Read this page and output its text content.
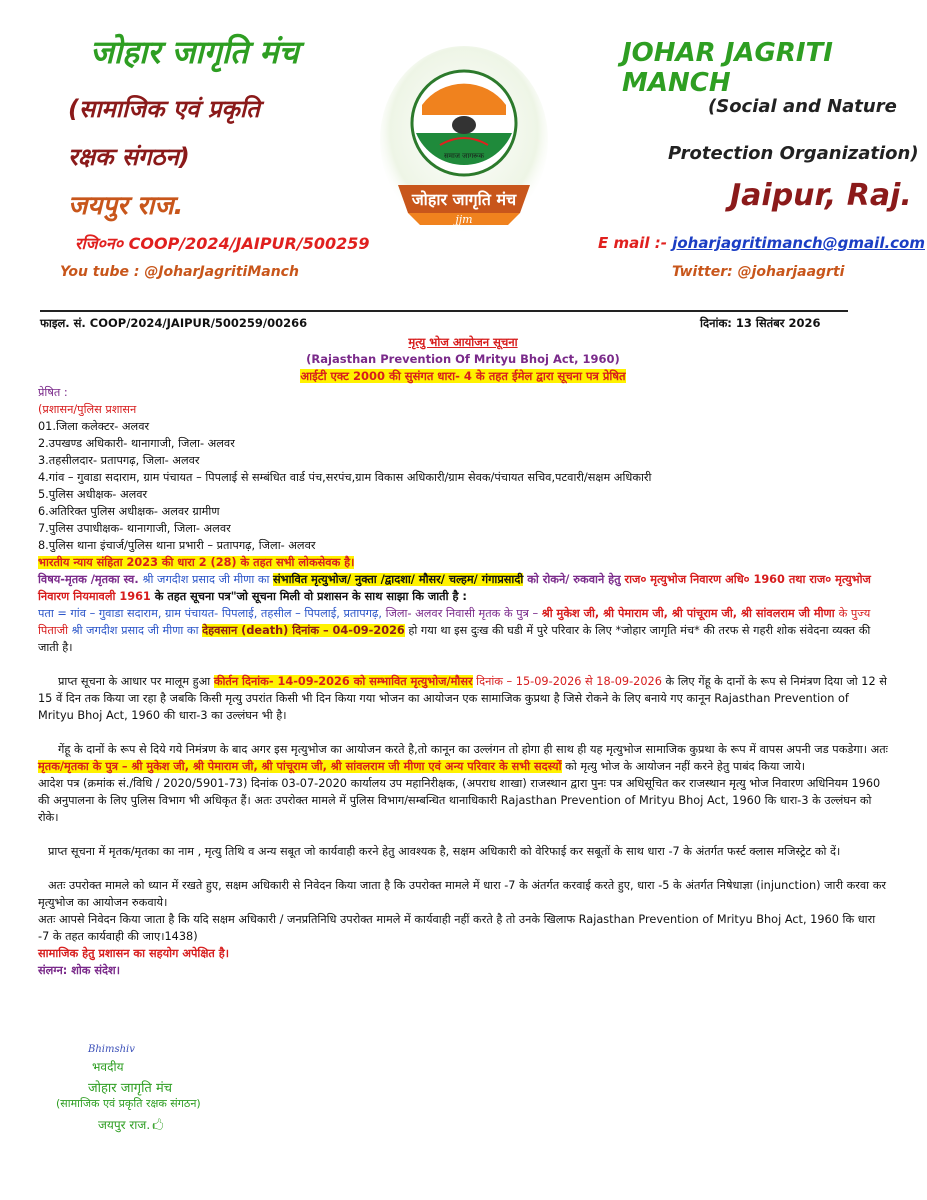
जोहार जागृति मंच
(सामाजिक एवं प्रकृति
रक्षक संगठन)
जयपुर राज.
रजि०न० COOP/2024/JAIPUR/500259
You tube : @JoharJagritiManch
JOHAR JAGRITI MANCH
(Social and Nature
Protection Organization)
Jaipur, Raj.
E mail :- joharjagritimanch@gmail.com
Twitter: @joharjaagrti
जोहार जागृति मंच
jjm
समाज जागरूक
फाइल. सं. COOP/2024/JAIPUR/500259/00266	दिनांक: 13 सितंबर 2026
मृत्यु भोज आयोजन सूचना
(Rajasthan Prevention Of Mrityu Bhoj Act, 1960)
आईटी एक्ट 2000 की सुसंगत धारा- 4 के तहत ईमेल द्वारा सूचना पत्र प्रेषित
प्रेषित :
(प्रशासन/पुलिस प्रशासन
01.जिला कलेक्टर- अलवर
2.उपखण्ड अधिकारी- थानागाजी, जिला- अलवर
3.तहसीलदार- प्रतापगढ़, जिला- अलवर
4.गांव – गुवाडा सदाराम, ग्राम पंचायत – पिपलाई से सम्बंधित वार्ड पंच,सरपंच,ग्राम विकास अधिकारी/ग्राम सेवक/पंचायत सचिव,पटवारी/सक्षम अधिकारी
5.पुलिस अधीक्षक- अलवर
6.अतिरिक्त पुलिस अधीक्षक- अलवर ग्रामीण
7.पुलिस उपाधीक्षक- थानागाजी, जिला- अलवर
8.पुलिस थाना इंचार्ज/पुलिस थाना प्रभारी – प्रतापगढ़, जिला- अलवर
भारतीय न्याय संहिता 2023 की धारा 2 (28) के तहत सभी लोकसेवक है।
विषय-मृतक /मृतका स्व. श्री जगदीश प्रसाद जी मीणा का संभावित मृत्युभोज/ नुक्ता /द्वादशा/ मौसर/ चल्हम/ गंगाप्रसादी को रोकने/ रुकवाने हेतु राज० मृत्युभोज निवारण अधि० 1960 तथा राज० मृत्युभोज निवारण नियमावली 1961 के तहत सूचना पत्र"जो सूचना मिली वो प्रशासन के साथ साझा कि जाती है :
पता = गांव – गुवाडा सदाराम, ग्राम पंचायत- पिपलाई, तहसील – पिपलाई, प्रतापगढ़, जिला- अलवर निवासी मृतक के पुत्र – श्री मुकेश जी, श्री पेमाराम जी, श्री पांचूराम जी, श्री सांवलराम जी मीणा के पुज्य पिताजी श्री जगदीश प्रसाद जी मीणा का देहवसान (death) दिनांक – 04-09-2026 हो गया था इस दुःख की घडी में पुरे परिवार के लिए *जोहार जागृति मंच* की तरफ से गहरी शोक संवेदना व्यक्त की जाती है।
प्राप्त सूचना के आधार पर मालूम हुआ कीर्तन दिनांक- 14-09-2026 को सम्भावित मृत्युभोज/मौसर दिनांक – 15-09-2026 से 18-09-2026 के लिए गेंहू के दानों के रूप से निमंत्रण दिया जो 12 से 15 वें दिन तक किया जा रहा है जबकि किसी मृत्यु उपरांत किसी भी दिन किया गया भोजन का आयोजन एक सामाजिक कुप्रथा है जिसे रोकने के लिए बनाये गए कानून Rajasthan Prevention of Mrityu Bhoj Act, 1960 की धारा-3 का उल्लंघन भी है।
गेंहू के दानों के रूप से दिये गये निमंत्रण के बाद अगर इस मृत्युभोज का आयोजन करते है,तो कानून का उल्लंगन तो होगा ही साथ ही यह मृत्युभोज सामाजिक कुप्रथा के रूप में वापस अपनी जड पकडेगा। अतः मृतक/मृतका के पुत्र – श्री मुकेश जी, श्री पेमाराम जी, श्री पांचूराम जी, श्री सांवलराम जी मीणा एवं अन्य परिवार के सभी सदस्यों को मृत्यु भोज के आयोजन नहीं करने हेतु पाबंद किया जाये।
आदेश पत्र (क्रमांक सं./विधि / 2020/5901-73) दिनांक 03-07-2020 कार्यालय उप महानिरीक्षक, (अपराध शाखा) राजस्थान द्वारा पुनः पत्र अधिसूचित कर राजस्थान मृत्यु भोज निवारण अधिनियम 1960 की अनुपालना के लिए पुलिस विभाग भी अधिकृत हैं। अतः उपरोक्त मामले में पुलिस विभाग/सम्बन्धित थानाधिकारी Rajasthan Prevention of Mrityu Bhoj Act, 1960 कि धारा-3 के उल्लंघन को रोके।
प्राप्त सूचना में मृतक/मृतका का नाम , मृत्यु तिथि व अन्य सबूत जो कार्यवाही करने हेतु आवश्यक है, सक्षम अधिकारी को वेरिफाई कर सबूतों के साथ धारा -7 के अंतर्गत फर्स्ट क्लास मजिस्ट्रेट को दें।
अतः उपरोक्त मामले को ध्यान में रखते हुए, सक्षम अधिकारी से निवेदन किया जाता है कि उपरोक्त मामले में धारा -7 के अंतर्गत करवाई करते हुए, धारा -5 के अंतर्गत निषेधाज्ञा (injunction) जारी करवा कर मृत्युभोज का आयोजन रुकवाये।
अतः आपसे निवेदन किया जाता है कि यदि सक्षम अधिकारी / जनप्रतिनिधि उपरोक्त मामले में कार्यवाही नहीं करते है तो उनके खिलाफ Rajasthan Prevention of Mrityu Bhoj Act, 1960 कि धारा -7 के तहत कार्यवाही की जाए।1438)
सामाजिक हेतु प्रशासन का सहयोग अपेक्षित है।
संलग्न: शोक संदेश।
Bhimshiv
भवदीय
जोहार जागृति मंच
(सामाजिक एवं प्रकृति रक्षक संगठन)
जयपुर राज. 🖒
